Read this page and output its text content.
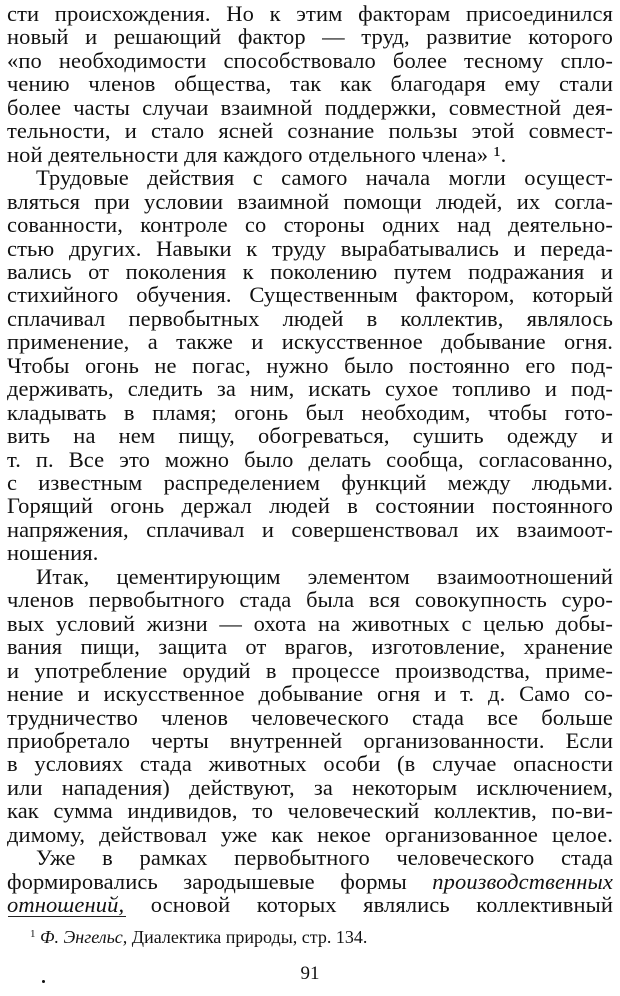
сти происхождения. Но к этим факторам присоединился
новый и решающий фактор — труд, развитие которого
«по необходимости способствовало более тесному спло-
чению членов общества, так как благодаря ему стали
более часты случаи взаимной поддержки, совместной дея-
тельности, и стало ясней сознание пользы этой совмест-
ной деятельности для каждого отдельного члена» ¹.
Трудовые действия с самого начала могли осущест-
вляться при условии взаимной помощи людей, их согла-
сованности, контроле со стороны одних над деятельно-
стью других. Навыки к труду вырабатывались и переда-
вались от поколения к поколению путем подражания и
стихийного обучения. Существенным фактором, который
сплачивал первобытных людей в коллектив, являлось
применение, а также и искусственное добывание огня.
Чтобы огонь не погас, нужно было постоянно его под-
держивать, следить за ним, искать сухое топливо и под-
кладывать в пламя; огонь был необходим, чтобы гото-
вить на нем пищу, обогреваться, сушить одежду и
т. п. Все это можно было делать сообща, согласованно,
с известным распределением функций между людьми.
Горящий огонь держал людей в состоянии постоянного
напряжения, сплачивал и совершенствовал их взаимоот-
ношения.
Итак, цементирующим элементом взаимоотношений
членов первобытного стада была вся совокупность суро-
вых условий жизни — охота на животных с целью добы-
вания пищи, защита от врагов, изготовление, хранение
и употребление орудий в процессе производства, приме-
нение и искусственное добывание огня и т. д. Само со-
трудничество членов человеческого стада все больше
приобретало черты внутренней организованности. Если
в условиях стада животных особи (в случае опасности
или нападения) действуют, за некоторым исключением,
как сумма индивидов, то человеческий коллектив, по-ви-
димому, действовал уже как некое организованное целое.
Уже в рамках первобытного человеческого стада
формировались зародышевые формы производственных
отношений, основой которых являлись коллективный
$^1$ Ф. Энгельс, Диалектика природы, стр. 134.
91
